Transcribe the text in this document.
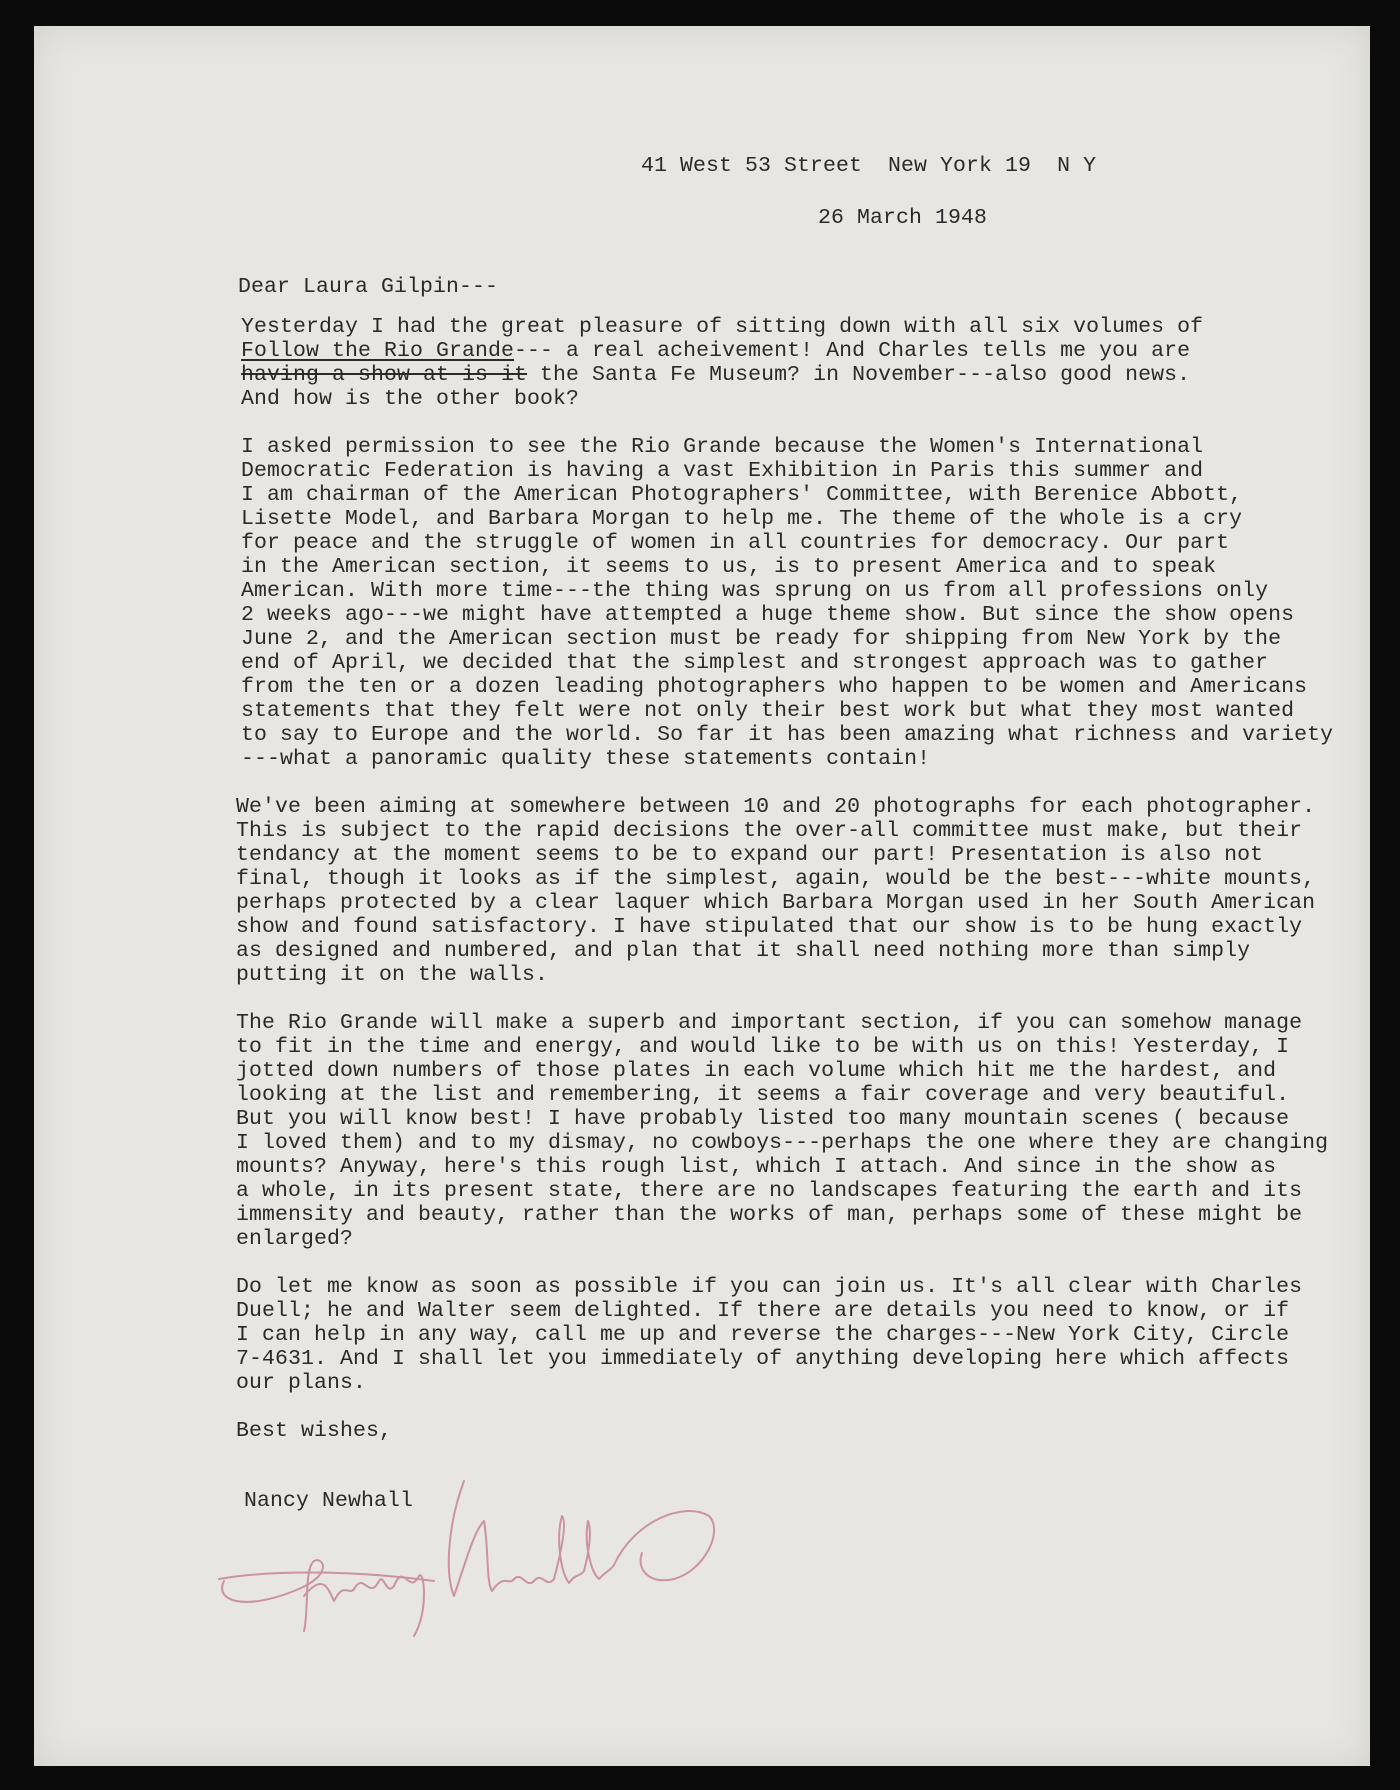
41 West 53 Street  New York 19  N Y
26 March 1948
Dear Laura Gilpin---
Yesterday I had the great pleasure of sitting down with all six volumes of
Follow the Rio Grande--- a real acheivement! And Charles tells me you are
having a show at is it the Santa Fe Museum? in November---also good news.
And how is the other book?
I asked permission to see the Rio Grande because the Women's International
Democratic Federation is having a vast Exhibition in Paris this summer and
I am chairman of the American Photographers' Committee, with Berenice Abbott,
Lisette Model, and Barbara Morgan to help me. The theme of the whole is a cry
for peace and the struggle of women in all countries for democracy. Our part
in the American section, it seems to us, is to present America and to speak
American. With more time---the thing was sprung on us from all professions only
2 weeks ago---we might have attempted a huge theme show. But since the show opens
June 2, and the American section must be ready for shipping from New York by the
end of April, we decided that the simplest and strongest approach was to gather
from the ten or a dozen leading photographers who happen to be women and Americans
statements that they felt were not only their best work but what they most wanted
to say to Europe and the world. So far it has been amazing what richness and variety
---what a panoramic quality these statements contain!
We've been aiming at somewhere between 10 and 20 photographs for each photographer.
This is subject to the rapid decisions the over-all committee must make, but their
tendancy at the moment seems to be to expand our part! Presentation is also not
final, though it looks as if the simplest, again, would be the best---white mounts,
perhaps protected by a clear laquer which Barbara Morgan used in her South American
show and found satisfactory. I have stipulated that our show is to be hung exactly
as designed and numbered, and plan that it shall need nothing more than simply
putting it on the walls.
The Rio Grande will make a superb and important section, if you can somehow manage
to fit in the time and energy, and would like to be with us on this! Yesterday, I
jotted down numbers of those plates in each volume which hit me the hardest, and
looking at the list and remembering, it seems a fair coverage and very beautiful.
But you will know best! I have probably listed too many mountain scenes ( because
I loved them) and to my dismay, no cowboys---perhaps the one where they are changing
mounts? Anyway, here's this rough list, which I attach. And since in the show as
a whole, in its present state, there are no landscapes featuring the earth and its
immensity and beauty, rather than the works of man, perhaps some of these might be
enlarged?
Do let me know as soon as possible if you can join us. It's all clear with Charles
Duell; he and Walter seem delighted. If there are details you need to know, or if
I can help in any way, call me up and reverse the charges---New York City, Circle
7-4631. And I shall let you immediately of anything developing here which affects
our plans.
Best wishes,
Nancy Newhall
